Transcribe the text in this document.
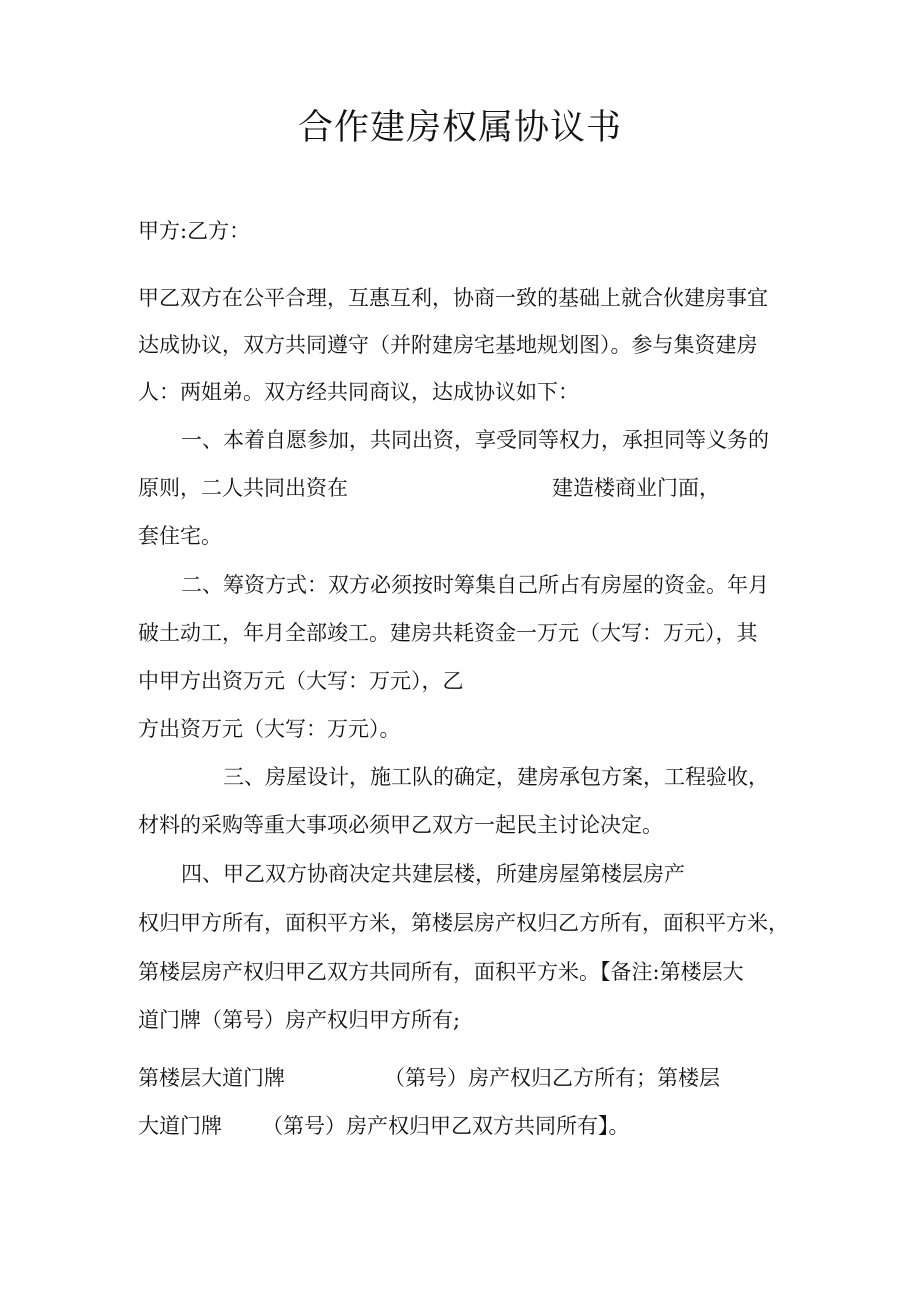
合作建房权属协议书
甲方:乙方：
甲乙双方在公平合理，互惠互利，协商一致的基础上就合伙建房事宜
达成协议，双方共同遵守（并附建房宅基地规划图）。参与集资建房
人：两姐弟。双方经共同商议，达成协议如下：
一、本着自愿参加，共同出资，享受同等权力，承担同等义务的
原则，二人共同出资在	建造楼商业门面，
套住宅。
二、筹资方式：双方必须按时筹集自己所占有房屋的资金。年月
破土动工，年月全部竣工。建房共耗资金一万元（大写：万元），其
中甲方出资万元（大写：万元），乙
方出资万元（大写：万元）。
三、房屋设计，施工队的确定，建房承包方案，工程验收，
材料的采购等重大事项必须甲乙双方一起民主讨论决定。
四、甲乙双方协商决定共建层楼，所建房屋第楼层房产
权归甲方所有，面积平方米，第楼层房产权归乙方所有，面积平方米，
第楼层房产权归甲乙双方共同所有，面积平方米。【备注:第楼层大
道门牌（第号）房产权归甲方所有;
第楼层大道门牌	（第号）房产权归乙方所有；第楼层
大道门牌 （第号）房产权归甲乙双方共同所有】。
